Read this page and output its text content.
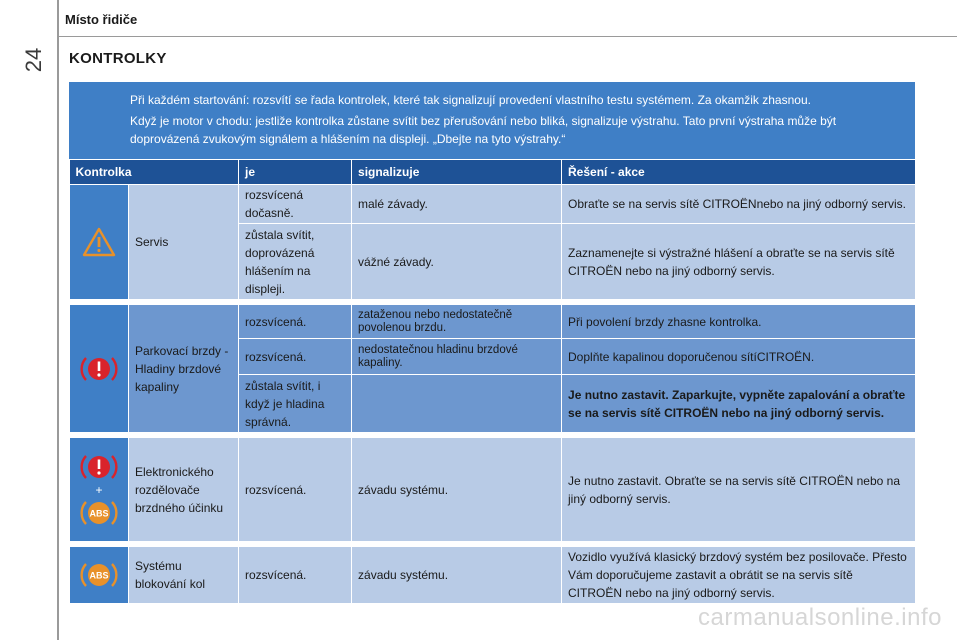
Místo řidiče
24	KONTROLKY

Při každém startování: rozsvítí se řada kontrolek, které tak signalizují provedení vlastního testu systémem. Za okamžik zhasnou.

Když je motor v chodu: jestliže kontrolka zůstane svítit bez přerušování nebo bliká, signalizuje výstrahu. Tato první výstraha může být doprovázená zvukovým signálem a hlášením na displeji. „Dbejte na tyto výstrahy.“

Kontrolka		je	signalizuje	Řešení - akce

	Servis	rozsvícená dočasně.	malé závady.	Obraťte se na servis sítě CITROËNnebo na jiný odborný servis.
		zůstala svítit, doprovázená hlášením na displeji.	vážné závady.	Zaznamenejte si výstražné hlášení a obraťte se na servis sítě CITROËN nebo na jiný odborný servis.

	Parkovací brzdy - Hladiny brzdové kapaliny	rozsvícená.	zataženou nebo nedostatečně povolenou brzdu.	Při povolení brzdy zhasne kontrolka.
		rozsvícená.	nedostatečnou hladinu brzdové kapaliny.	Doplňte kapalinou doporučenou sítíCITROËN.
		zůstala svítit, i když je hladina správná.		Je nutno zastavit. Zaparkujte, vypněte zapalování a obraťte se na servis sítě CITROËN nebo na jiný odborný servis.

+
ABS	Elektronického rozdělovače brzdného účinku	rozsvícená.	závadu systému.	Je nutno zastavit. Obraťte se na servis sítě CITROËN nebo na jiný odborný servis.

ABS	Systému blokování kol	rozsvícená.	závadu systému.	Vozidlo využívá klasický brzdový systém bez posilovače. Přesto Vám doporučujeme zastavit a obrátit se na servis sítě CITROËN nebo na jiný odborný servis.
carmanualsonline.info
